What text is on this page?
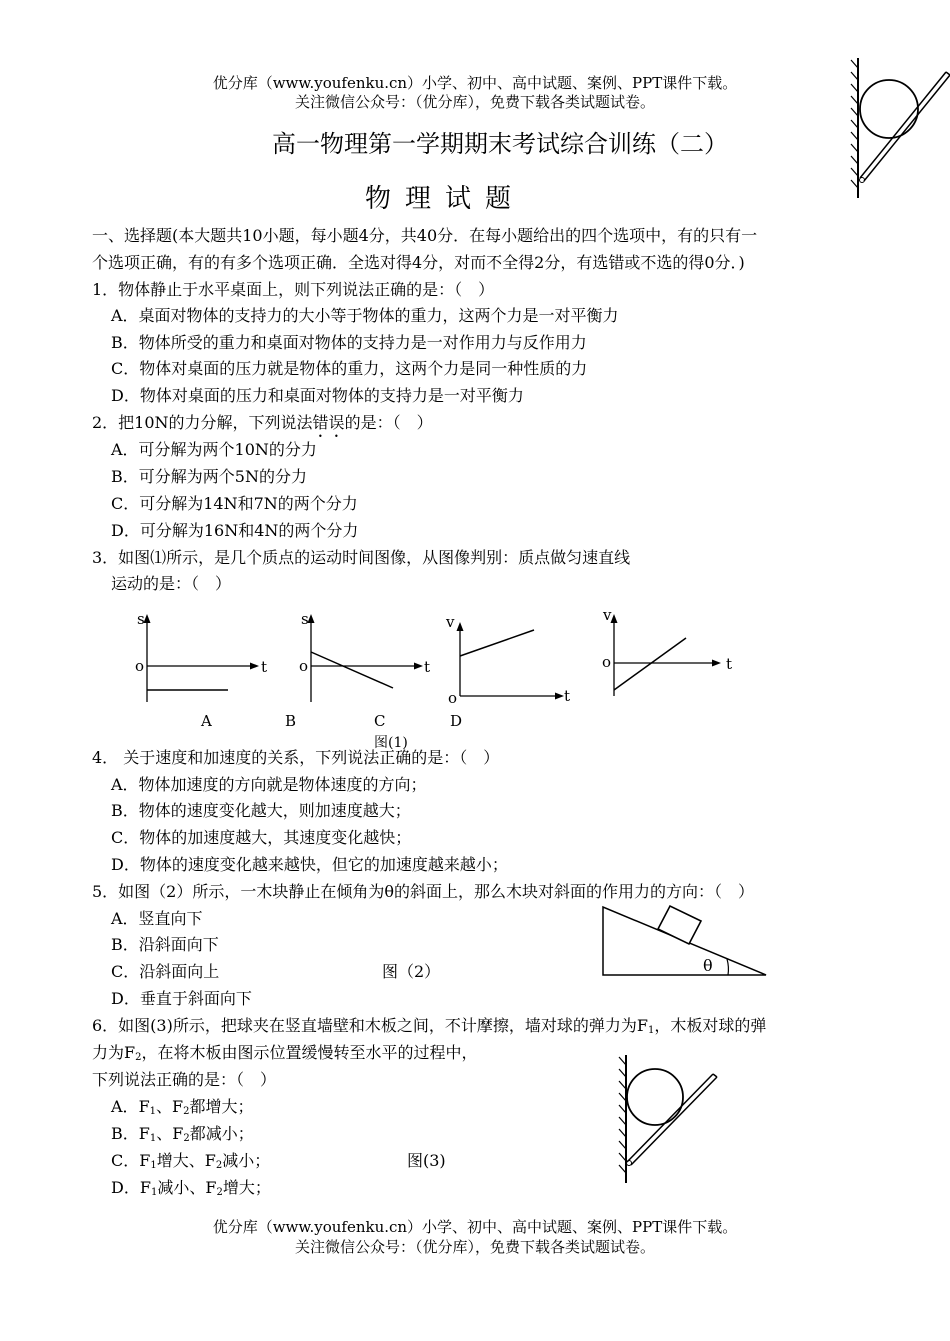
优分库（www.youfenku.cn）小学、初中、高中试题、案例、PPT课件下载。
关注微信公众号：（优分库），免费下载各类试题试卷。
高一物理第一学期期末考试综合训练（二）
物理试题
一、选择题(本大题共10小题，每小题4分，共40分．在每小题给出的四个选项中，有的只有一
个选项正确，有的有多个选项正确．全选对得4分，对而不全得2分，有选错或不选的得0分．)
1．物体静止于水平桌面上，则下列说法正确的是：（　）
A．桌面对物体的支持力的大小等于物体的重力，这两个力是一对平衡力
B．物体所受的重力和桌面对物体的支持力是一对作用力与反作用力
C．物体对桌面的压力就是物体的重力，这两个力是同一种性质的力
D．物体对桌面的压力和桌面对物体的支持力是一对平衡力
2．把10N的力分解，下列说法错误的是：（　）
A．可分解为两个10N的分力
B．可分解为两个5N的分力
C．可分解为14N和7N的两个分力
D．可分解为16N和4N的两个分力
3．如图⑴所示，是几个质点的运动时间图像，从图像判别：质点做匀速直线
运动的是：（　）
s
o	t
s
o	t
v
o	t
v
o	t
A	B	C	D
图(1)
4． 关于速度和加速度的关系，下列说法正确的是：（　）
A．物体加速度的方向就是物体速度的方向；
B．物体的速度变化越大，则加速度越大；
C．物体的加速度越大，其速度变化越快；
D．物体的速度变化越来越快，但它的加速度越来越小；
5．如图（2）所示，一木块静止在倾角为θ的斜面上，那么木块对斜面的作用力的方向：（　）
A．竖直向下
B．沿斜面向下
C．沿斜面向上
D．垂直于斜面向下
图（2）	θ
6．如图(3)所示，把球夹在竖直墙壁和木板之间，不计摩擦，墙对球的弹力为$F_1$，木板对球的弹
力为$F_2$，在将木板由图示位置缓慢转至水平的过程中，
下列说法正确的是：（　）
A．$F_1$、$F_2$都增大；
B．$F_1$、$F_2$都减小；
C．$F_1$增大、$F_2$减小；
D．$F_1$减小、$F_2$增大；
图(3)
优分库（www.youfenku.cn）小学、初中、高中试题、案例、PPT课件下载。
关注微信公众号：（优分库），免费下载各类试题试卷。
